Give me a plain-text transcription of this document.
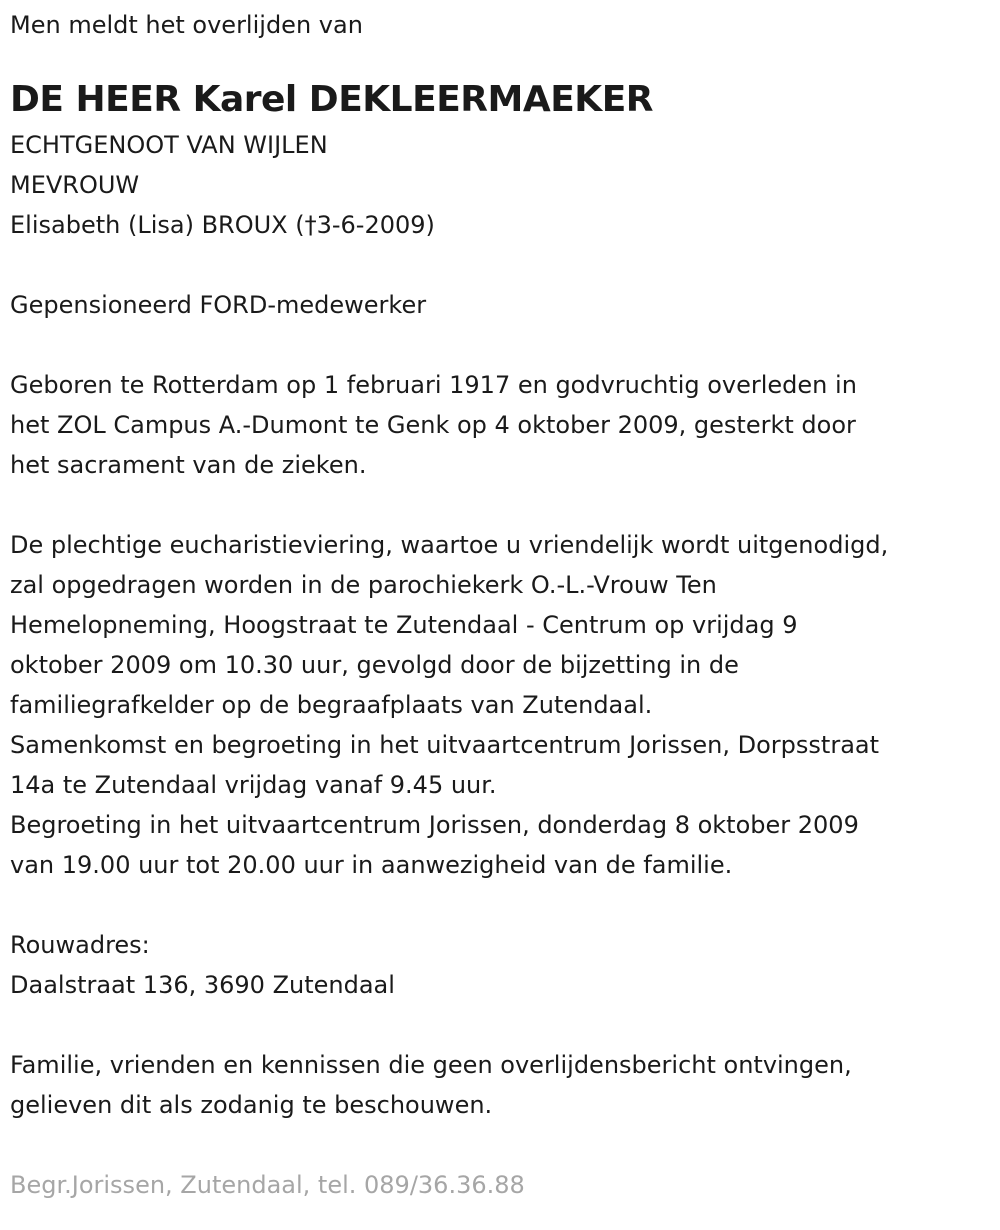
Men meldt het overlijden van

DE HEER Karel DEKLEERMAEKER

ECHTGENOOT VAN WIJLEN

MEVROUW

Elisabeth (Lisa) BROUX (†3-6-2009)

Gepensioneerd FORD-medewerker

Geboren te Rotterdam op 1 februari 1917 en godvruchtig overleden in

het ZOL Campus A.-Dumont te Genk op 4 oktober 2009, gesterkt door

het sacrament van de zieken.

De plechtige eucharistieviering, waartoe u vriendelijk wordt uitgenodigd,

zal opgedragen worden in de parochiekerk O.-L.-Vrouw Ten

Hemelopneming, Hoogstraat te Zutendaal - Centrum op vrijdag 9

oktober 2009 om 10.30 uur, gevolgd door de bijzetting in de

familiegrafkelder op de begraafplaats van Zutendaal.

Samenkomst en begroeting in het uitvaartcentrum Jorissen, Dorpsstraat

14a te Zutendaal vrijdag vanaf 9.45 uur.

Begroeting in het uitvaartcentrum Jorissen, donderdag 8 oktober 2009

van 19.00 uur tot 20.00 uur in aanwezigheid van de familie.

Rouwadres:

Daalstraat 136, 3690 Zutendaal

Familie, vrienden en kennissen die geen overlijdensbericht ontvingen,

gelieven dit als zodanig te beschouwen.

Begr.Jorissen, Zutendaal, tel. 089/36.36.88
